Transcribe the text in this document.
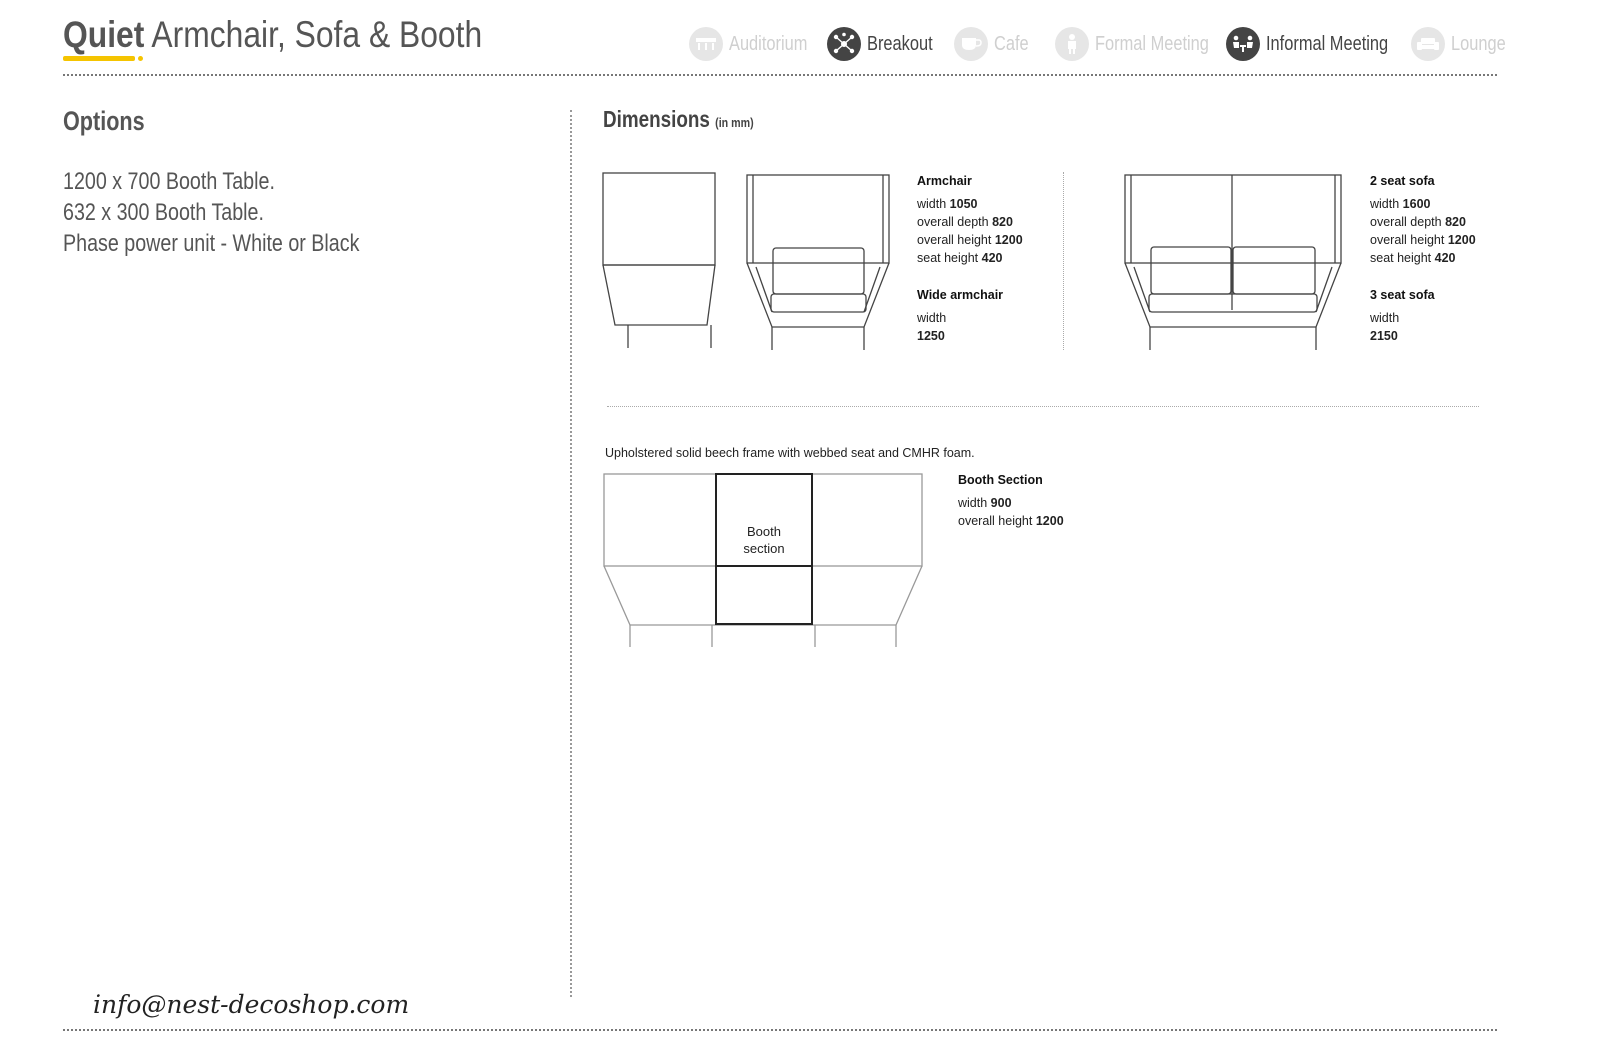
Quiet Armchair, Sofa & Booth	Auditorium	Breakout	Cafe	Formal Meeting	Informal Meeting	Lounge
Options
1200 x 700 Booth Table.
632 x 300 Booth Table.
Phase power unit - White or Black
Dimensions (in mm)
Armchair
width 1050
overall depth 820
overall height 1200
seat height 420
Wide armchair
width
1250
2 seat sofa
width 1600
overall depth 820
overall height 1200
seat height 420
3 seat sofa
width
2150
Upholstered solid beech frame with webbed seat and CMHR foam.
Booth
section
Booth Section
width 900
overall height 1200
info@nest-decoshop.com
